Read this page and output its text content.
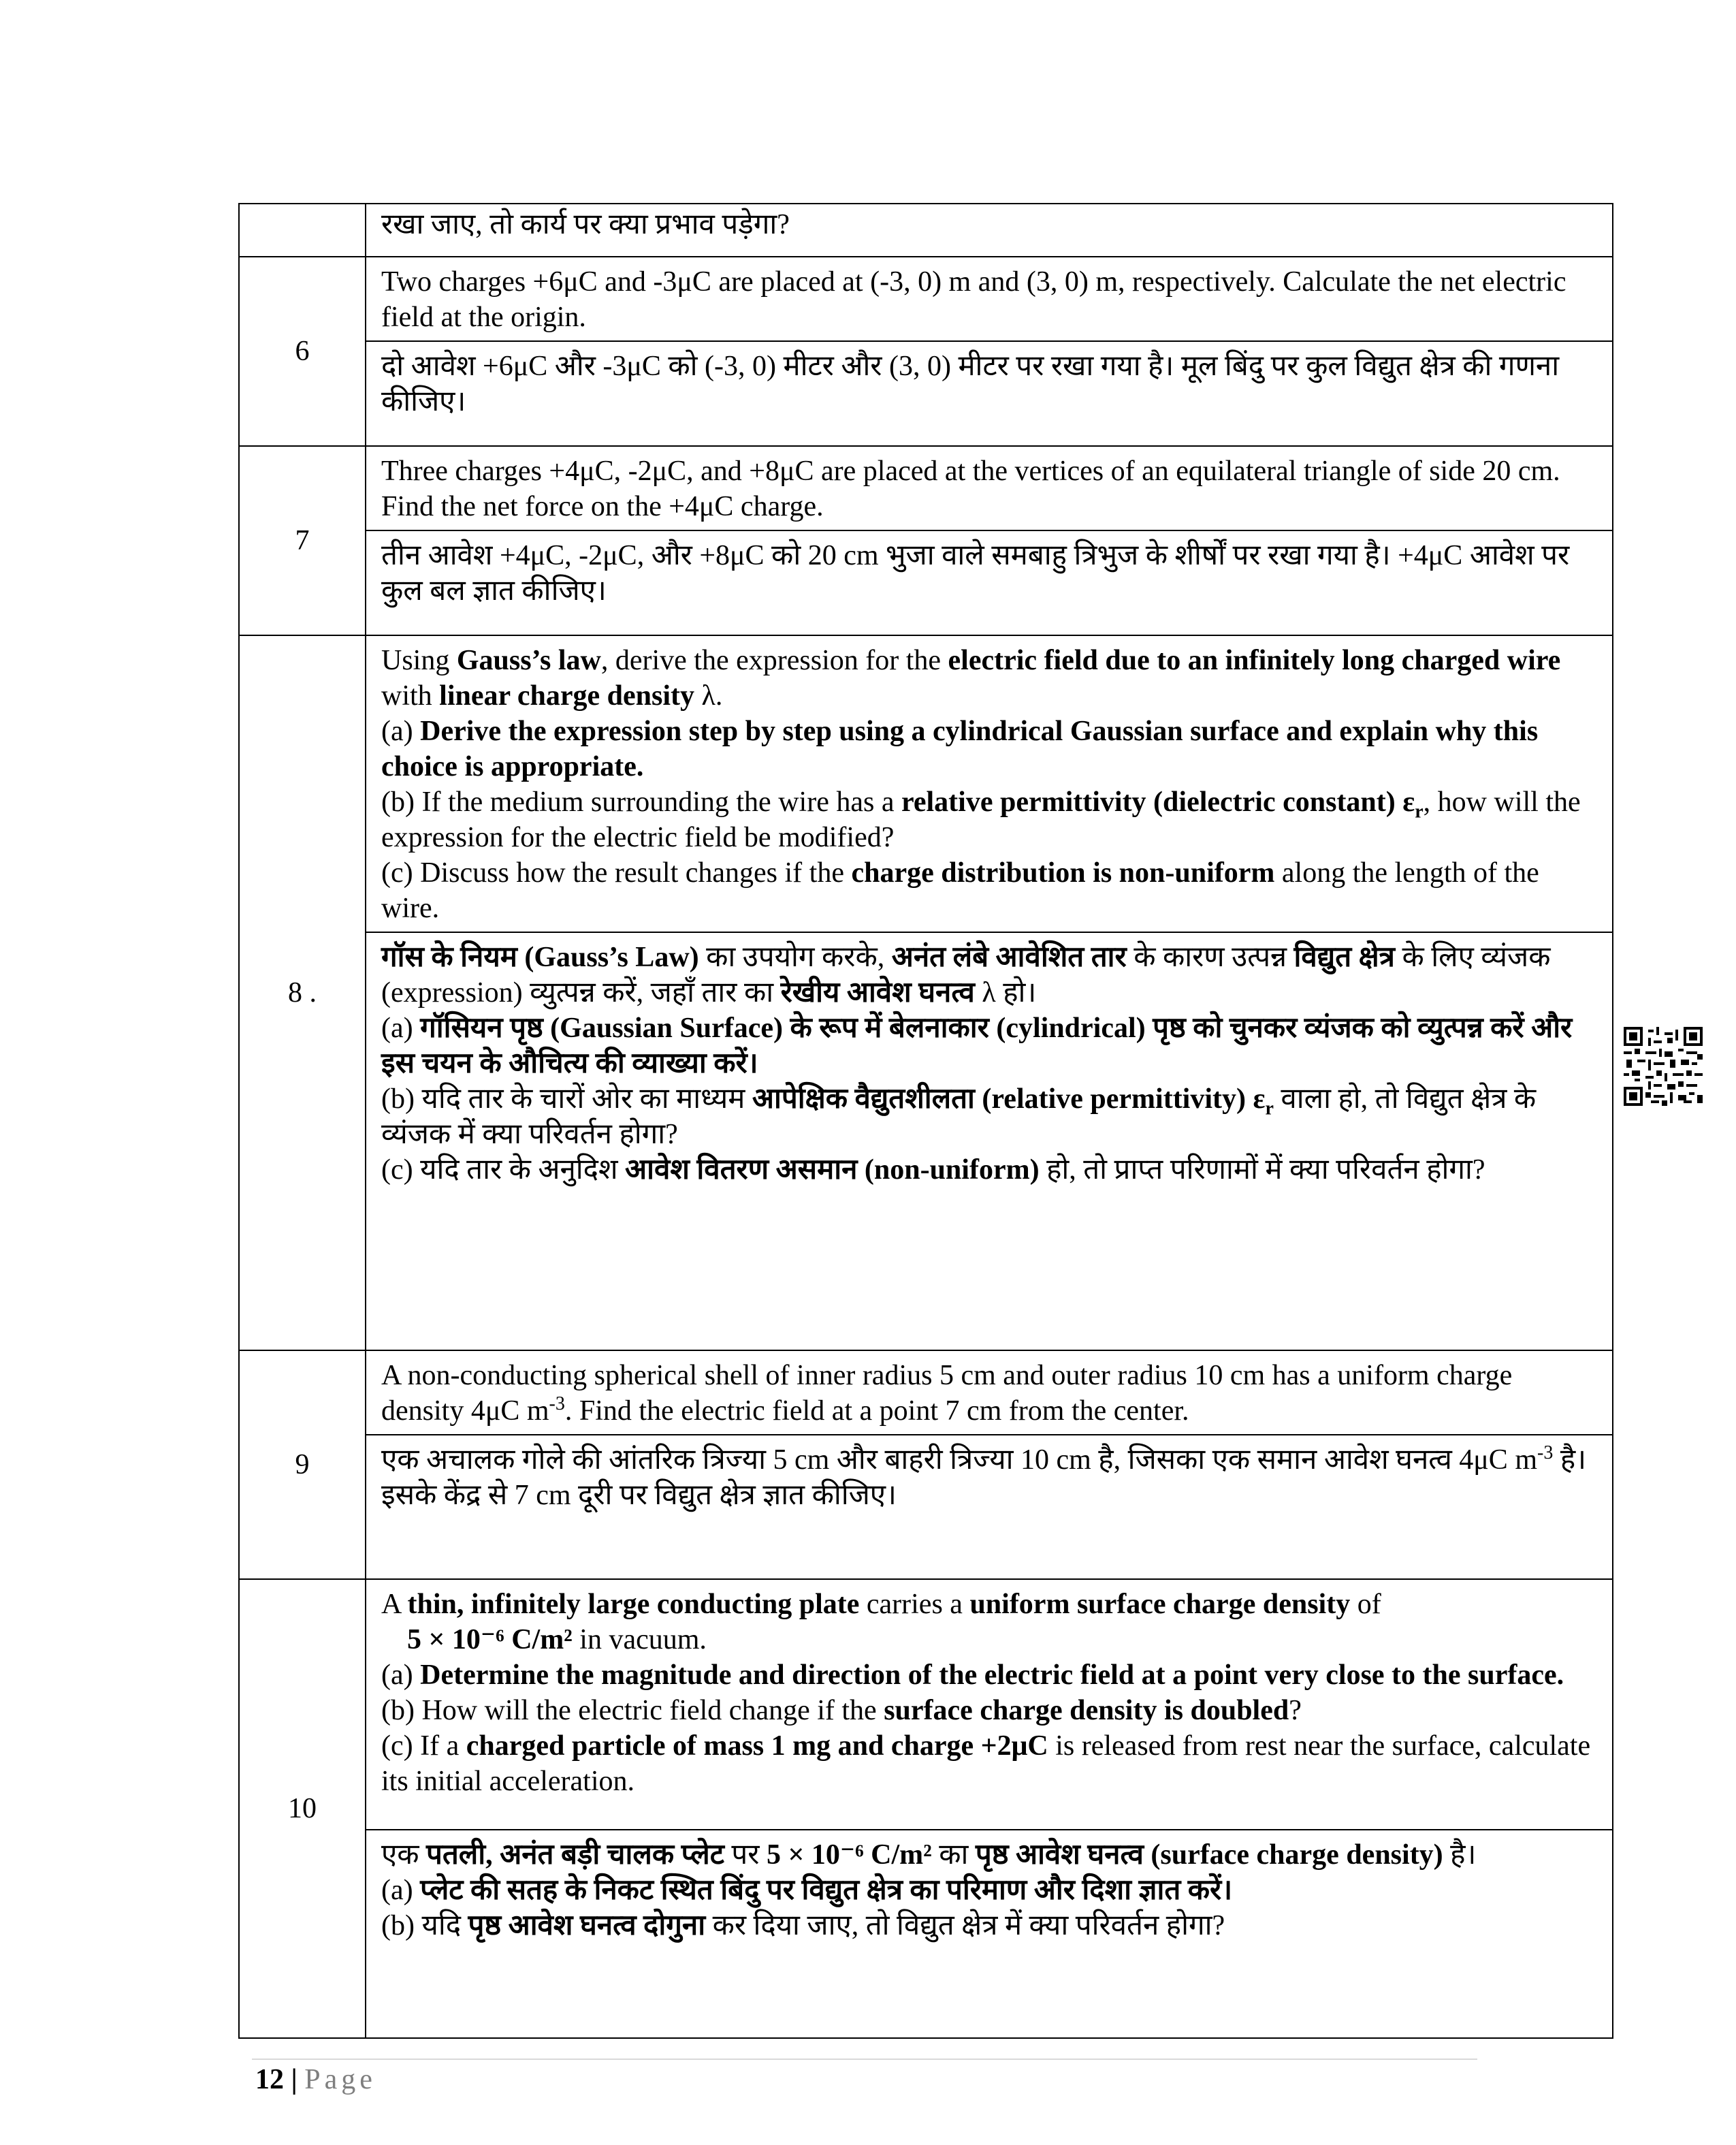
	रखा जाए, तो कार्य पर क्या प्रभाव पड़ेगा?
6	Two charges +6μC and -3μC are placed at (-3, 0) m and (3, 0) m, respectively. Calculate the net electric field at the origin.
	दो आवेश +6μC और -3μC को (-3, 0) मीटर और (3, 0) मीटर पर रखा गया है। मूल बिंदु पर कुल विद्युत क्षेत्र की गणना कीजिए।
7	Three charges +4μC, -2μC, and +8μC are placed at the vertices of an equilateral triangle of side 20 cm. Find the net force on the +4μC charge.
	तीन आवेश +4μC, -2μC, और +8μC को 20 cm भुजा वाले समबाहु त्रिभुज के शीर्षों पर रखा गया है। +4μC आवेश पर कुल बल ज्ञात कीजिए।
8 .	Using Gauss’s law, derive the expression for the electric field due to an infinitely long charged wire with linear charge density λ.
(a) Derive the expression step by step using a cylindrical Gaussian surface and explain why this choice is appropriate.
(b) If the medium surrounding the wire has a relative permittivity (dielectric constant) $\varepsilon_r$, how will the expression for the electric field be modified?
(c) Discuss how the result changes if the charge distribution is non-uniform along the length of the wire.
	गॉस के नियम (Gauss’s Law) का उपयोग करके, अनंत लंबे आवेशित तार के कारण उत्पन्न विद्युत क्षेत्र के लिए व्यंजक (expression) व्युत्पन्न करें, जहाँ तार का रेखीय आवेश घनत्व λ हो।
(a) गॉसियन पृष्ठ (Gaussian Surface) के रूप में बेलनाकार (cylindrical) पृष्ठ को चुनकर व्यंजक को व्युत्पन्न करें और इस चयन के औचित्य की व्याख्या करें।
(b) यदि तार के चारों ओर का माध्यम आपेक्षिक वैद्युतशीलता (relative permittivity) $\varepsilon_r$ वाला हो, तो विद्युत क्षेत्र के व्यंजक में क्या परिवर्तन होगा?
(c) यदि तार के अनुदिश आवेश वितरण असमान (non-uniform) हो, तो प्राप्त परिणामों में क्या परिवर्तन होगा?
9	A non-conducting spherical shell of inner radius 5 cm and outer radius 10 cm has a uniform charge density 4μC $m^{-3}$. Find the electric field at a point 7 cm from the center.
	एक अचालक गोले की आंतरिक त्रिज्या 5 cm और बाहरी त्रिज्या 10 cm है, जिसका एक समान आवेश घनत्व 4μC $m^{-3}$ है। इसके केंद्र से 7 cm दूरी पर विद्युत क्षेत्र ज्ञात कीजिए।
10	A thin, infinitely large conducting plate carries a uniform surface charge density of
5 × 10⁻⁶ C/m² in vacuum.
(a) Determine the magnitude and direction of the electric field at a point very close to the surface.
(b) How will the electric field change if the surface charge density is doubled?
(c) If a charged particle of mass 1 mg and charge +2μC is released from rest near the surface, calculate its initial acceleration.
	एक पतली, अनंत बड़ी चालक प्लेट पर 5 × 10⁻⁶ C/m² का पृष्ठ आवेश घनत्व (surface charge density) है।
(a) प्लेट की सतह के निकट स्थित बिंदु पर विद्युत क्षेत्र का परिमाण और दिशा ज्ञात करें।
(b) यदि पृष्ठ आवेश घनत्व दोगुना कर दिया जाए, तो विद्युत क्षेत्र में क्या परिवर्तन होगा?
12 | Page
